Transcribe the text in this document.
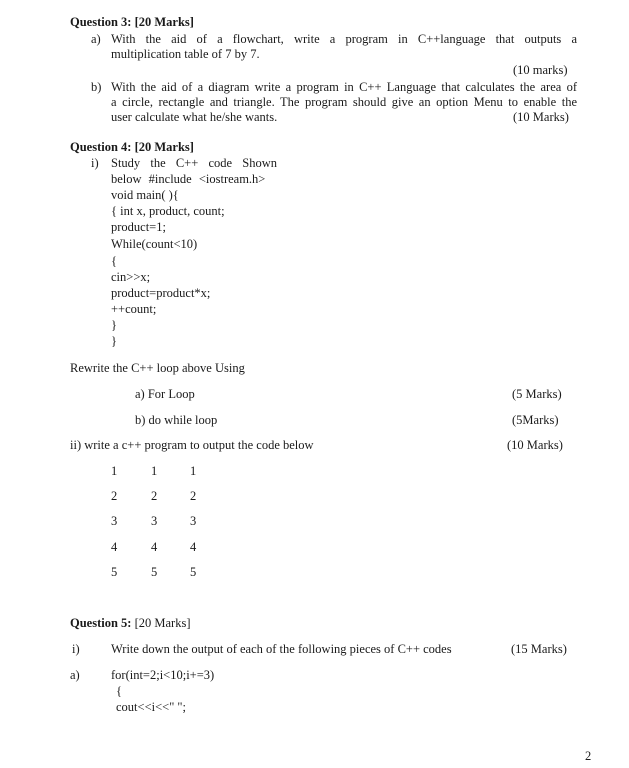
Question 3: [20 Marks]
a) With the aid of a flowchart, write a program in C++language that outputs a
multiplication table of 7 by 7.
(10 marks)
b) With the aid of a diagram write a program in C++ Language that calculates the area of
a circle, rectangle and triangle. The program should give an option Menu to enable the
user calculate what he/she wants.	(10 Marks)
Question 4: [20 Marks]
i) Study the C++ code Shown
below #include <iostream.h>
void main( ){
{ int x, product, count;
product=1;
While(count<10)
{
cin>>x;
product=product*x;
++count;
}
}
Rewrite the C++ loop above Using
a) For Loop	(5 Marks)
b) do while loop	(5Marks)
ii) write a c++ program to output the code below	(10 Marks)
1	1	1
2	2	2
3	3	3
4	4	4
5	5	5
Question 5: [20 Marks]
i)	Write down the output of each of the following pieces of C++ codes	(15 Marks)
a)	for(int=2;i<10;i+=3)
{
cout<<i<<" ";
2
